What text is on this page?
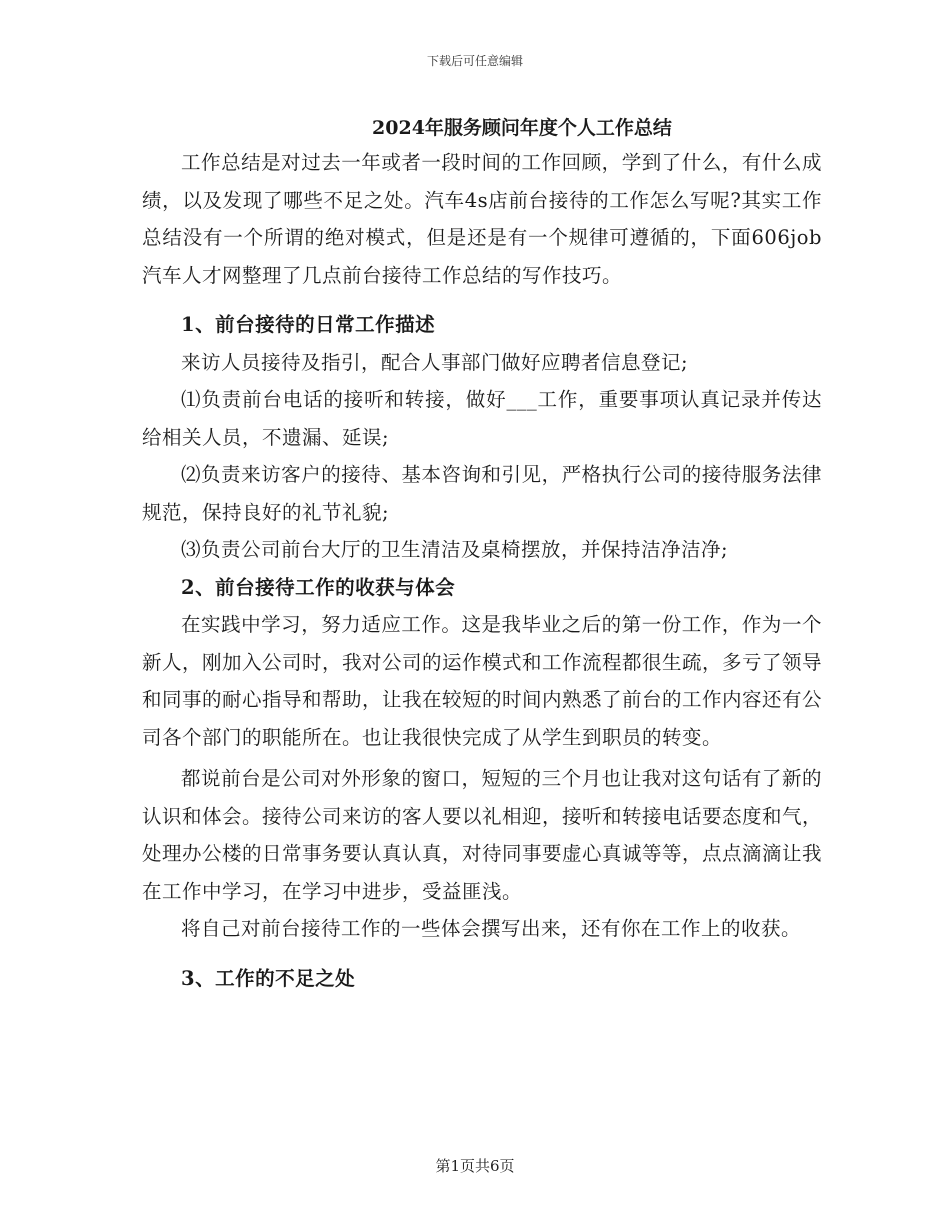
下载后可任意编辑
2024年服务顾问年度个人工作总结

工作总结是对过去一年或者一段时间的工作回顾，学到了什么，有什么成绩，以及发现了哪些不足之处。汽车4s店前台接待的工作怎么写呢?其实工作总结没有一个所谓的绝对模式，但是还是有一个规律可遵循的，下面606job汽车人才网整理了几点前台接待工作总结的写作技巧。

1、前台接待的日常工作描述

来访人员接待及指引，配合人事部门做好应聘者信息登记;

⑴负责前台电话的接听和转接，做好___工作，重要事项认真记录并传达给相关人员，不遗漏、延误;

⑵负责来访客户的接待、基本咨询和引见，严格执行公司的接待服务法律规范，保持良好的礼节礼貌;

⑶负责公司前台大厅的卫生清洁及桌椅摆放，并保持洁净洁净;

2、前台接待工作的收获与体会

在实践中学习，努力适应工作。这是我毕业之后的第一份工作，作为一个新人，刚加入公司时，我对公司的运作模式和工作流程都很生疏，多亏了领导和同事的耐心指导和帮助，让我在较短的时间内熟悉了前台的工作内容还有公司各个部门的职能所在。也让我很快完成了从学生到职员的转变。

都说前台是公司对外形象的窗口，短短的三个月也让我对这句话有了新的认识和体会。接待公司来访的客人要以礼相迎，接听和转接电话要态度和气，处理办公楼的日常事务要认真认真，对待同事要虚心真诚等等，点点滴滴让我在工作中学习，在学习中进步，受益匪浅。

将自己对前台接待工作的一些体会撰写出来，还有你在工作上的收获。

3、工作的不足之处

第1页共6页
